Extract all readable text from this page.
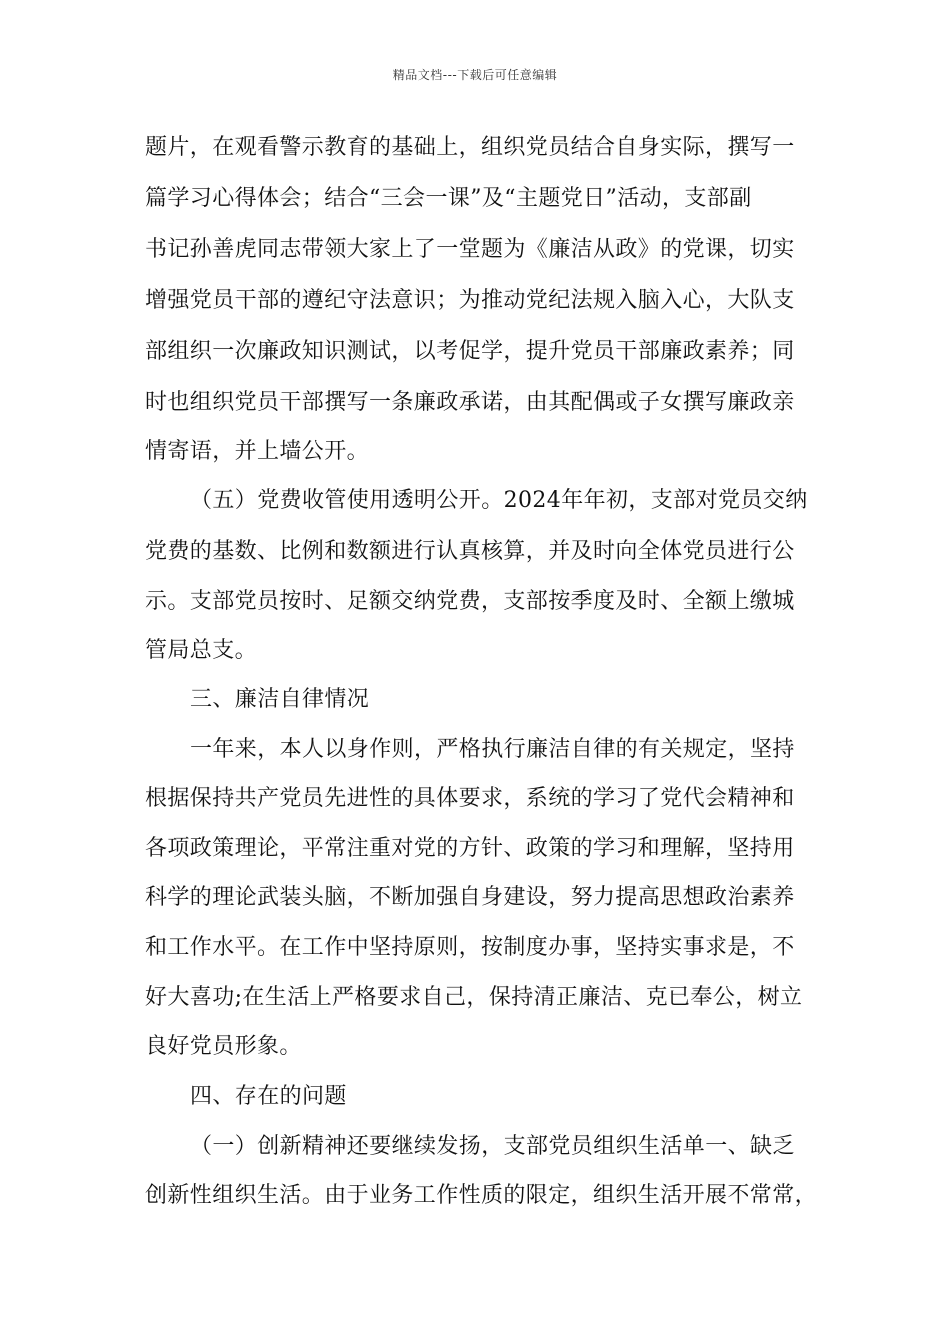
精品文档---下载后可任意编辑
题片，在观看警示教育的基础上，组织党员结合自身实际，撰写一
篇学习心得体会；结合“三会一课”及“主题党日”活动，支部副
书记孙善虎同志带领大家上了一堂题为《廉洁从政》的党课，切实
增强党员干部的遵纪守法意识；为推动党纪法规入脑入心，大队支
部组织一次廉政知识测试，以考促学，提升党员干部廉政素养；同
时也组织党员干部撰写一条廉政承诺，由其配偶或子女撰写廉政亲
情寄语，并上墙公开。
（五）党费收管使用透明公开。2024年年初，支部对党员交纳
党费的基数、比例和数额进行认真核算，并及时向全体党员进行公
示。支部党员按时、足额交纳党费，支部按季度及时、全额上缴城
管局总支。
三、廉洁自律情况
一年来，本人以身作则，严格执行廉洁自律的有关规定，坚持
根据保持共产党员先进性的具体要求，系统的学习了党代会精神和
各项政策理论，平常注重对党的方针、政策的学习和理解，坚持用
科学的理论武装头脑，不断加强自身建设，努力提高思想政治素养
和工作水平。在工作中坚持原则，按制度办事，坚持实事求是，不
好大喜功;在生活上严格要求自己，保持清正廉洁、克已奉公，树立
良好党员形象。
四、存在的问题
（一）创新精神还要继续发扬，支部党员组织生活单一、缺乏
创新性组织生活。由于业务工作性质的限定，组织生活开展不常常，
